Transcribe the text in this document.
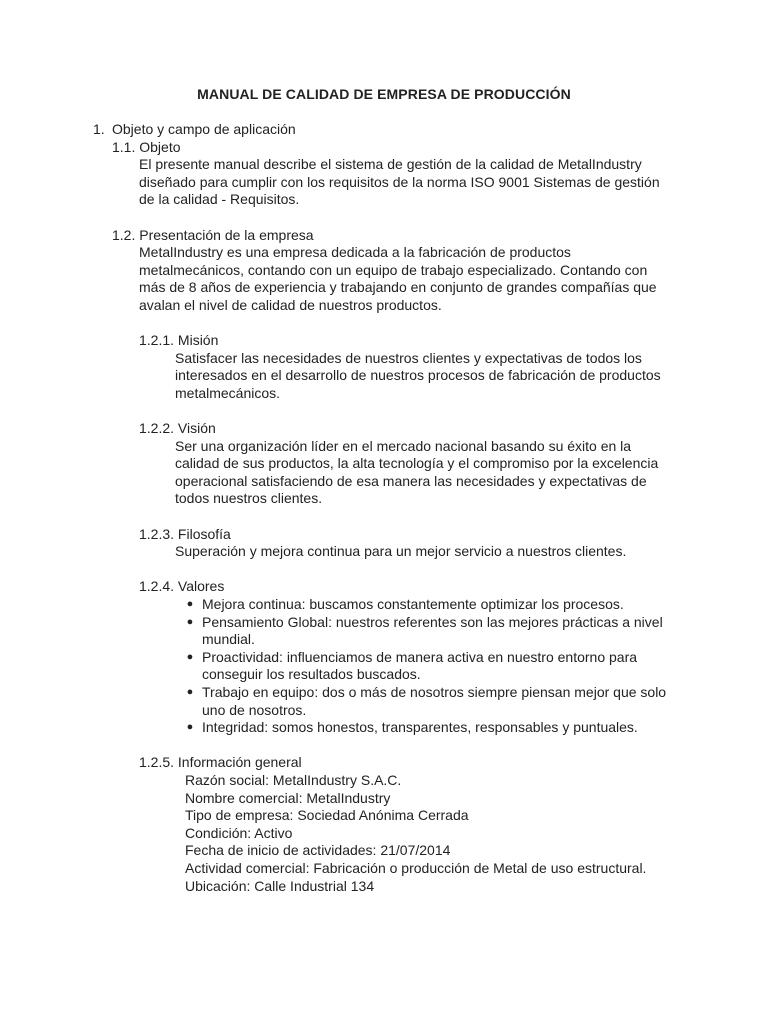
MANUAL DE CALIDAD DE EMPRESA DE PRODUCCIÓN
1. Objeto y campo de aplicación
1.1. Objeto
El presente manual describe el sistema de gestión de la calidad de MetalIndustry
diseñado para cumplir con los requisitos de la norma ISO 9001 Sistemas de gestión
de la calidad - Requisitos.
1.2. Presentación de la empresa
MetalIndustry es una empresa dedicada a la fabricación de productos
metalmecánicos, contando con un equipo de trabajo especializado. Contando con
más de 8 años de experiencia y trabajando en conjunto de grandes compañías que
avalan el nivel de calidad de nuestros productos.
1.2.1. Misión
Satisfacer las necesidades de nuestros clientes y expectativas de todos los
interesados en el desarrollo de nuestros procesos de fabricación de productos
metalmecánicos.
1.2.2. Visión
Ser una organización líder en el mercado nacional basando su éxito en la
calidad de sus productos, la alta tecnología y el compromiso por la excelencia
operacional satisfaciendo de esa manera las necesidades y expectativas de
todos nuestros clientes.
1.2.3. Filosofía
Superación y mejora continua para un mejor servicio a nuestros clientes.
1.2.4. Valores
● Mejora continua: buscamos constantemente optimizar los procesos.
● Pensamiento Global: nuestros referentes son las mejores prácticas a nivel
mundial.
● Proactividad: influenciamos de manera activa en nuestro entorno para
conseguir los resultados buscados.
● Trabajo en equipo: dos o más de nosotros siempre piensan mejor que solo
uno de nosotros.
● Integridad: somos honestos, transparentes, responsables y puntuales.
1.2.5. Información general
Razón social: MetalIndustry S.A.C.
Nombre comercial: MetalIndustry
Tipo de empresa: Sociedad Anónima Cerrada
Condición: Activo
Fecha de inicio de actividades: 21/07/2014
Actividad comercial: Fabricación o producción de Metal de uso estructural.
Ubicación: Calle Industrial 134
